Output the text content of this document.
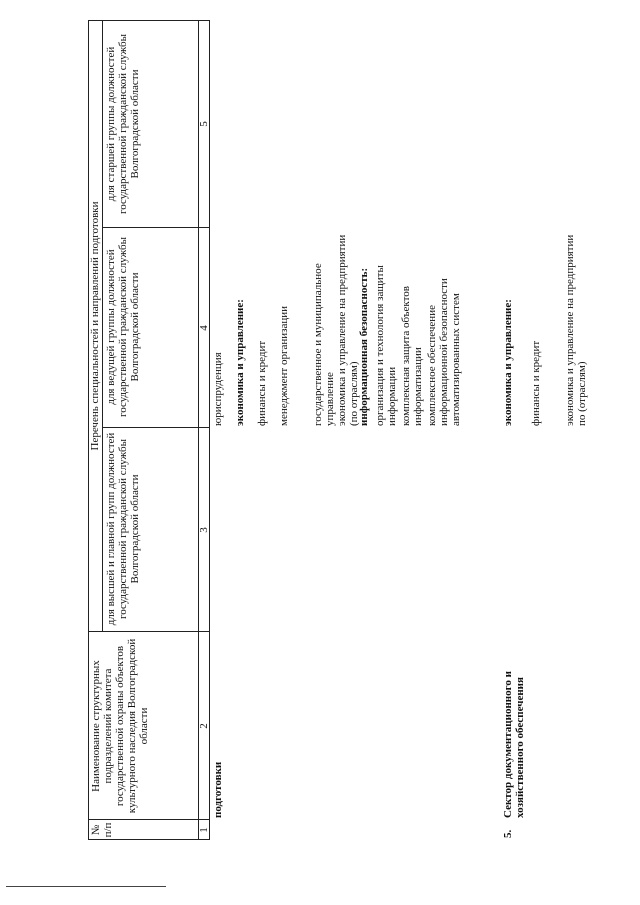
№ п/п
Наименование структурных подразделений комитета государственной охраны объектов культурного наследия Волгоградской области
Перечень специальностей и направлений подготовки
для высшей и главной групп должностей государственной гражданской службы Волгоградской области
для ведущей группы должностей государственной гражданской службы Волгоградской области
для старшей группы должностей государственной гражданской службы Волгоградской области
1
2
3
4
5
подготовки
юриспруденция экономика и управление: финансы и кредит менеджмент организации государственное и муниципальное управление экономика и управление на предприятии (по отраслям)
информационная безопасность: организация и технология защиты информации комплексная защита объектов информатизации комплексное обеспечение информационной безопасности автоматизированных систем
5.
Сектор документационного и хозяйственного обеспечения
экономика и управление: финансы и кредит экономика и управление на предприятии по (отраслям)
